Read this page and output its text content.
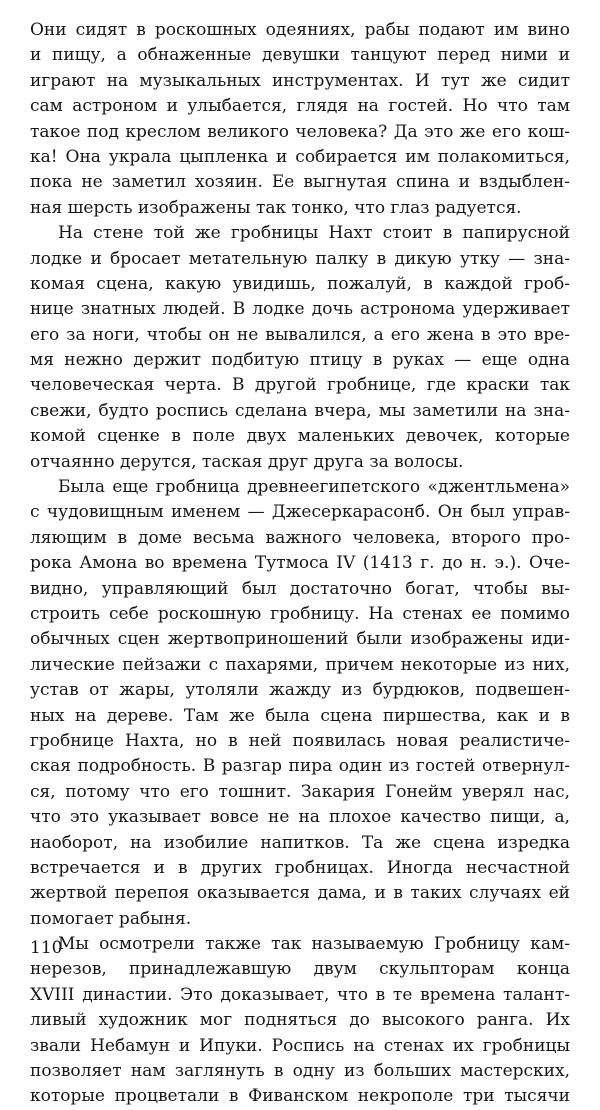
Они сидят в роскошных одеяниях, рабы подают им вино
и пищу, а обнаженные девушки танцуют перед ними и
играют на музыкальных инструментах. И тут же сидит
сам астроном и улыбается, глядя на гостей. Но что там
такое под креслом великого человека? Да это же его кош-
ка! Она украла цыпленка и собирается им полакомиться,
пока не заметил хозяин. Ее выгнутая спина и вздыблен-
ная шерсть изображены так тонко, что глаз радуется.
На стене той же гробницы Нахт стоит в папирусной
лодке и бросает метательную палку в дикую утку — зна-
комая сцена, какую увидишь, пожалуй, в каждой гроб-
нице знатных людей. В лодке дочь астронома удерживает
его за ноги, чтобы он не вывалился, а его жена в это вре-
мя нежно держит подбитую птицу в руках — еще одна
человеческая черта. В другой гробнице, где краски так
свежи, будто роспись сделана вчера, мы заметили на зна-
комой сценке в поле двух маленьких девочек, которые
отчаянно дерутся, таская друг друга за волосы.
Была еще гробница древнеегипетского «джентльмена»
с чудовищным именем — Джесеркарасонб. Он был управ-
ляющим в доме весьма важного человека, второго про-
рока Амона во времена Тутмоса IV (1413 г. до н. э.). Оче-
видно, управляющий был достаточно богат, чтобы вы-
строить себе роскошную гробницу. На стенах ее помимо
обычных сцен жертвоприношений были изображены иди-
лические пейзажи с пахарями, причем некоторые из них,
устав от жары, утоляли жажду из бурдюков, подвешен-
ных на дереве. Там же была сцена пиршества, как и в
гробнице Нахта, но в ней появилась новая реалистиче-
ская подробность. В разгар пира один из гостей отвернул-
ся, потому что его тошнит. Закария Гонейм уверял нас,
что это указывает вовсе не на плохое качество пищи, а,
наоборот, на изобилие напитков. Та же сцена изредка
встречается и в других гробницах. Иногда несчастной
жертвой перепоя оказывается дама, и в таких случаях ей
помогает рабыня.
Мы осмотрели также так называемую Гробницу кам-
нерезов, принадлежавшую двум скульпторам конца
XVIII династии. Это доказывает, что в те времена талант-
ливый художник мог подняться до высокого ранга. Их
звали Небамун и Ипуки. Роспись на стенах их гробницы
позволяет нам заглянуть в одну из больших мастерских,
которые процветали в Фиванском некрополе три тысячи
110
